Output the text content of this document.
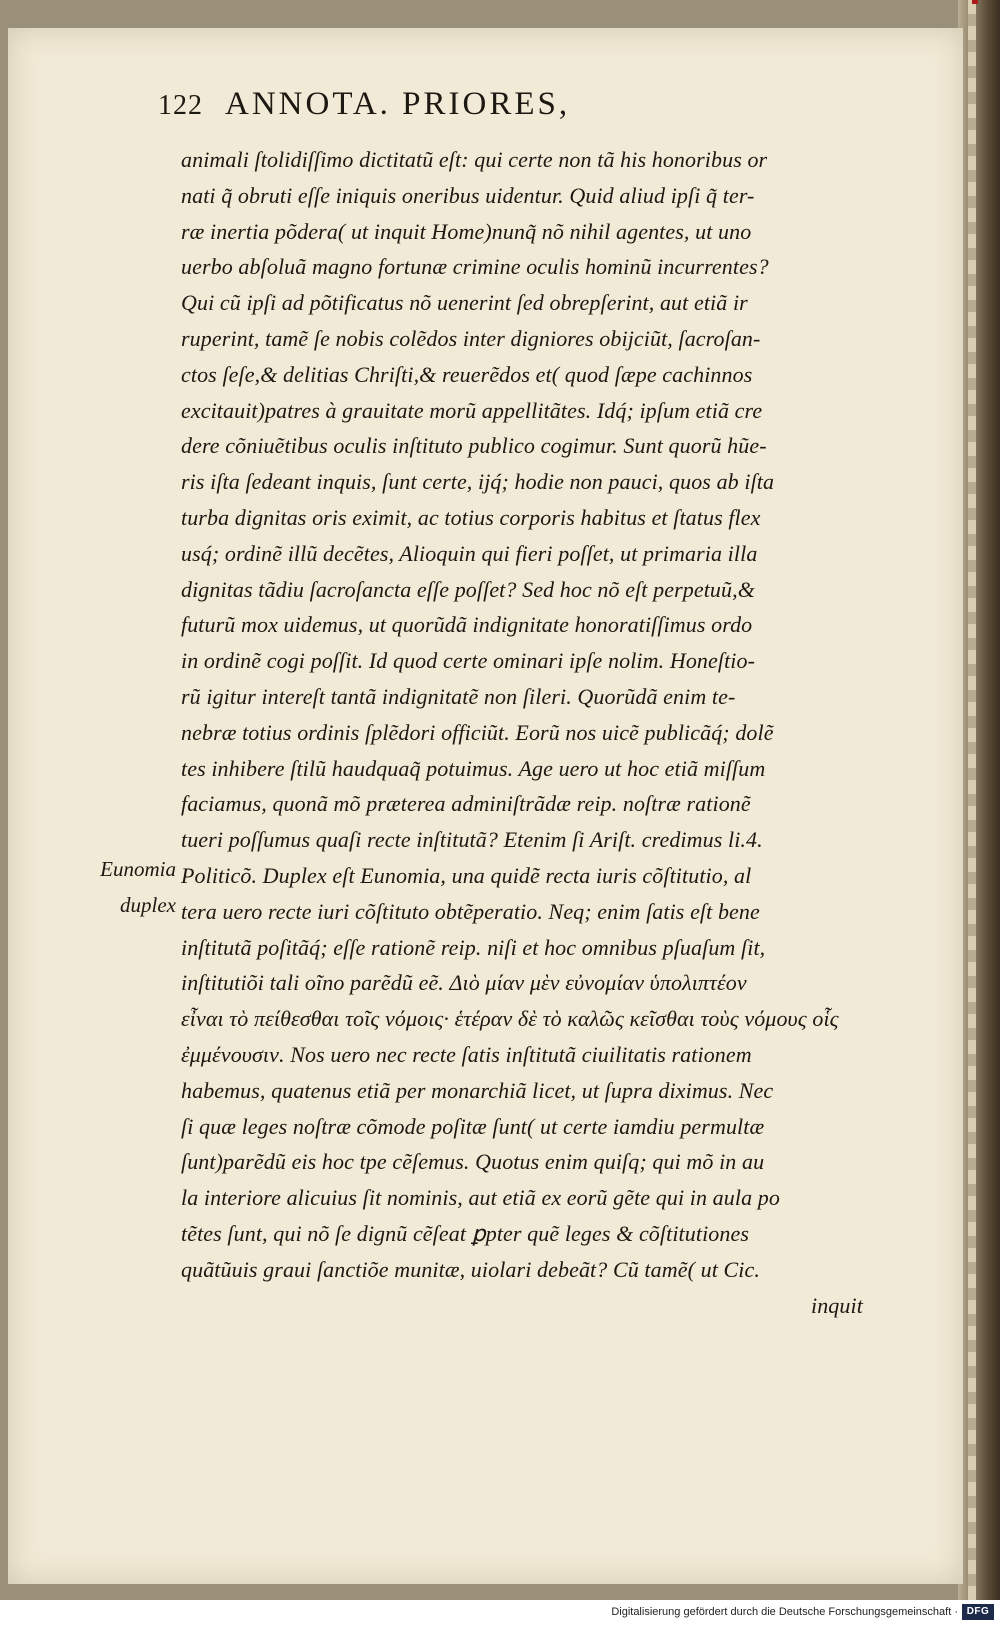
122 ANNOTA. PRIORES,
animali ſtolidiſſimo dictitatũ eſt: qui certe non tã his honoribus or
nati q̃ obruti eſſe iniquis oneribus uidentur. Quid aliud ipſi q̃ ter-
ræ inertia põdera( ut inquit Home)nunq̃ nõ nihil agentes, ut uno
uerbo abſoluã magno fortunæ crimine oculis hominũ incurrentes?
Qui cũ ipſi ad põtificatus nõ uenerint ſed obrepſerint, aut etiã ir
ruperint, tamẽ ſe nobis colẽdos inter digniores obijciũt, ſacroſan-
ctos ſeſe,& delitias Chriſti,& reuerẽdos et( quod ſæpe cachinnos
excitauit)patres à grauitate morũ appellitãtes. Idq́; ipſum etiã cre
dere cõniuẽtibus oculis inſtituto publico cogimur. Sunt quorũ hũe-
ris iſta ſedeant inquis, ſunt certe, ijq́; hodie non pauci, quos ab iſta
turba dignitas oris eximit, ac totius corporis habitus et ſtatus flex
usq́; ordinẽ illũ decẽtes, Alioquin qui fieri poſſet, ut primaria illa
dignitas tãdiu ſacroſancta eſſe poſſet? Sed hoc nõ eſt perpetuũ,&
futurũ mox uidemus, ut quorũdã indignitate honoratiſſimus ordo
in ordinẽ cogi poſſit. Id quod certe ominari ipſe nolim. Honeſtio-
rũ igitur intereſt tantã indignitatẽ non ſileri. Quorũdã enim te-
nebræ totius ordinis ſplẽdori officiũt. Eorũ nos uicẽ publicãq́; dolẽ
tes inhibere ſtilũ haudquaq̃ potuimus. Age uero ut hoc etiã miſſum
faciamus, quonã mõ præterea adminiſtrãdæ reip. noſtræ rationẽ
tueri poſſumus quaſi recte inſtitutã? Etenim ſi Ariſt. credimus li.4.
Politicõ. Duplex eſt Eunomia, una quidẽ recta iuris cõſtitutio, al
tera uero recte iuri cõſtituto obtẽperatio. Neq; enim ſatis eſt bene
inſtitutã poſitãq́; eſſe rationẽ reip. niſi et hoc omnibus pſuaſum ſit,
inſtitutiõi tali oĩno parẽdũ eẽ. Διὸ μίαν μὲν εὐνομίαν ὑπολιπτέον
εἶναι τὸ πείθεσθαι τοῖς νόμοις· ἑτέραν δὲ τὸ καλῶς κεῖσθαι τοὺς νόμους οἷς
ἐμμένουσιν. Nos uero nec recte ſatis inſtitutã ciuilitatis rationem
habemus, quatenus etiã per monarchiã licet, ut ſupra diximus. Nec
ſi quæ leges noſtræ cõmode poſitæ ſunt( ut certe iamdiu permultæ
ſunt)parẽdũ eis hoc tpe cẽſemus. Quotus enim quiſq; qui mõ in au
la interiore alicuius ſit nominis, aut etiã ex eorũ gẽte qui in aula po
tẽtes ſunt, qui nõ ſe dignũ cẽſeat ꝑpter quẽ leges & cõſtitutiones
quãtũuis graui ſanctiõe munitæ, uiolari debeãt? Cũ tamẽ( ut Cic.
inquit
Eunomia
duplex
Digitalisierung gefördert durch die Deutsche Forschungsgemeinschaft · DFG
